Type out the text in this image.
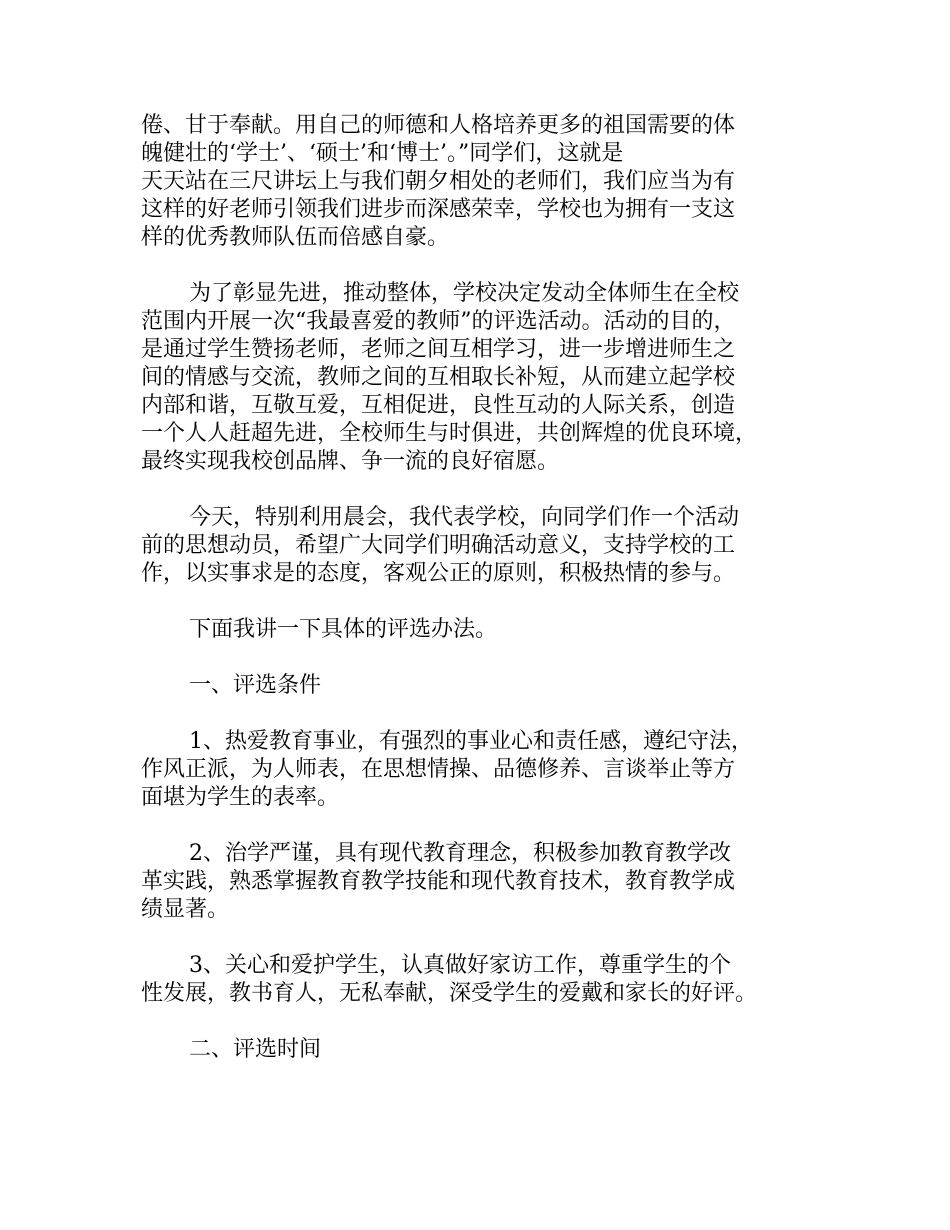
倦、甘于奉献。用自己的师德和人格培养更多的祖国需要的体
魄健壮的‘学士’、‘硕士’和‘博士’。”同学们，这就是
天天站在三尺讲坛上与我们朝夕相处的老师们，我们应当为有
这样的好老师引领我们进步而深感荣幸，学校也为拥有一支这
样的优秀教师队伍而倍感自豪。

为了彰显先进，推动整体，学校决定发动全体师生在全校
范围内开展一次“我最喜爱的教师”的评选活动。活动的目的，
是通过学生赞扬老师，老师之间互相学习，进一步增进师生之
间的情感与交流，教师之间的互相取长补短，从而建立起学校
内部和谐，互敬互爱，互相促进，良性互动的人际关系，创造
一个人人赶超先进，全校师生与时俱进，共创辉煌的优良环境，
最终实现我校创品牌、争一流的良好宿愿。

今天，特别利用晨会，我代表学校，向同学们作一个活动
前的思想动员，希望广大同学们明确活动意义，支持学校的工
作，以实事求是的态度，客观公正的原则，积极热情的参与。

下面我讲一下具体的评选办法。

一、评选条件

1、热爱教育事业，有强烈的事业心和责任感，遵纪守法，
作风正派，为人师表，在思想情操、品德修养、言谈举止等方
面堪为学生的表率。

2、治学严谨，具有现代教育理念，积极参加教育教学改
革实践，熟悉掌握教育教学技能和现代教育技术，教育教学成
绩显著。

3、关心和爱护学生，认真做好家访工作，尊重学生的个
性发展，教书育人，无私奉献，深受学生的爱戴和家长的好评。

二、评选时间
